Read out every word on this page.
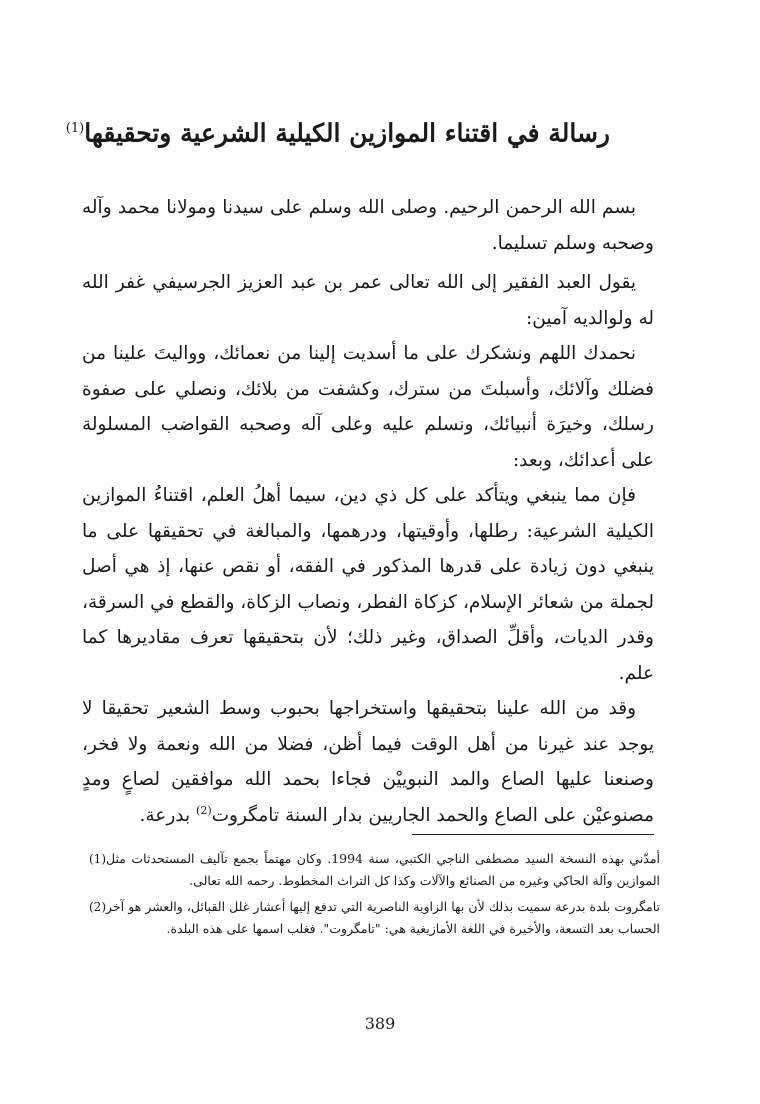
رسالة في اقتناء الموازين الكيلية الشرعية وتحقيقها$^{(1)}$

بسم الله الرحمن الرحيم. وصلى الله وسلم على سيدنا ومولانا محمد وآله وصحبه وسلم تسليما.

يقول العبد الفقير إلى الله تعالى عمر بن عبد العزيز الجرسيفي غفر الله له ولوالديه آمين:

نحمدك اللهم ونشكرك على ما أسديت إلينا من نعمائك، وواليتَ علينا من فضلك وآلائك، وأسبلتَ من سترك، وكشفت من بلائك، ونصلي على صفوة رسلك، وخيرَة أنبيائك، ونسلم عليه وعلى آله وصحبه القواضب المسلولة على أعدائك، وبعد:

فإن مما ينبغي ويتأكد على كل ذي دين، سيما أهلُ العلم، اقتناءُ الموازين الكيلية الشرعية: رطلها، وأوقيتها، ودرهمها، والمبالغة في تحقيقها على ما ينبغي دون زيادة على قدرها المذكور في الفقه، أو نقص عنها، إذ هي أصل لجملة من شعائر الإسلام، كزكاة الفطر، ونصاب الزكاة، والقطع في السرقة، وقدر الديات، وأقلِّ الصداق، وغير ذلك؛ لأن بتحقيقها تعرف مقاديرها كما علم.

وقد من الله علينا بتحقيقها واستخراجها بحبوب وسط الشعير تحقيقا لا يوجد عند غيرنا من أهل الوقت فيما أظن، فضلا من الله ونعمة ولا فخر، وصنعنا عليها الصاع والمد النبوييْن فجاءا بحمد الله موافقين لصاعٍ ومدٍ مصنوعيْن على الصاع والحمد الجاريين بدار السنة تامگروت$^{(2)}$ بدرعة.

أمدّني بهذه النسخة السيد مصطفى الناجي الكتبي، سنة 1994. وكان مهتماً بجمع تآليف المستحدثات مثل الموازين وآلة الحاكي وغيره من الصنائع والآلات وكذا كل التراث المخطوط. رحمه الله تعالى.
(1)
تامگروت بلدة بدرعة سميت بذلك لأن بها الزاوية الناصرية التي تدفع إليها أعشار غلل القبائل، والعشر هو آخر الحساب بعد التسعة، والأخيرة في اللغة الأمازيغية هي: "تامگروت". فغلب اسمها على هذه البلدة.
(2)
389
